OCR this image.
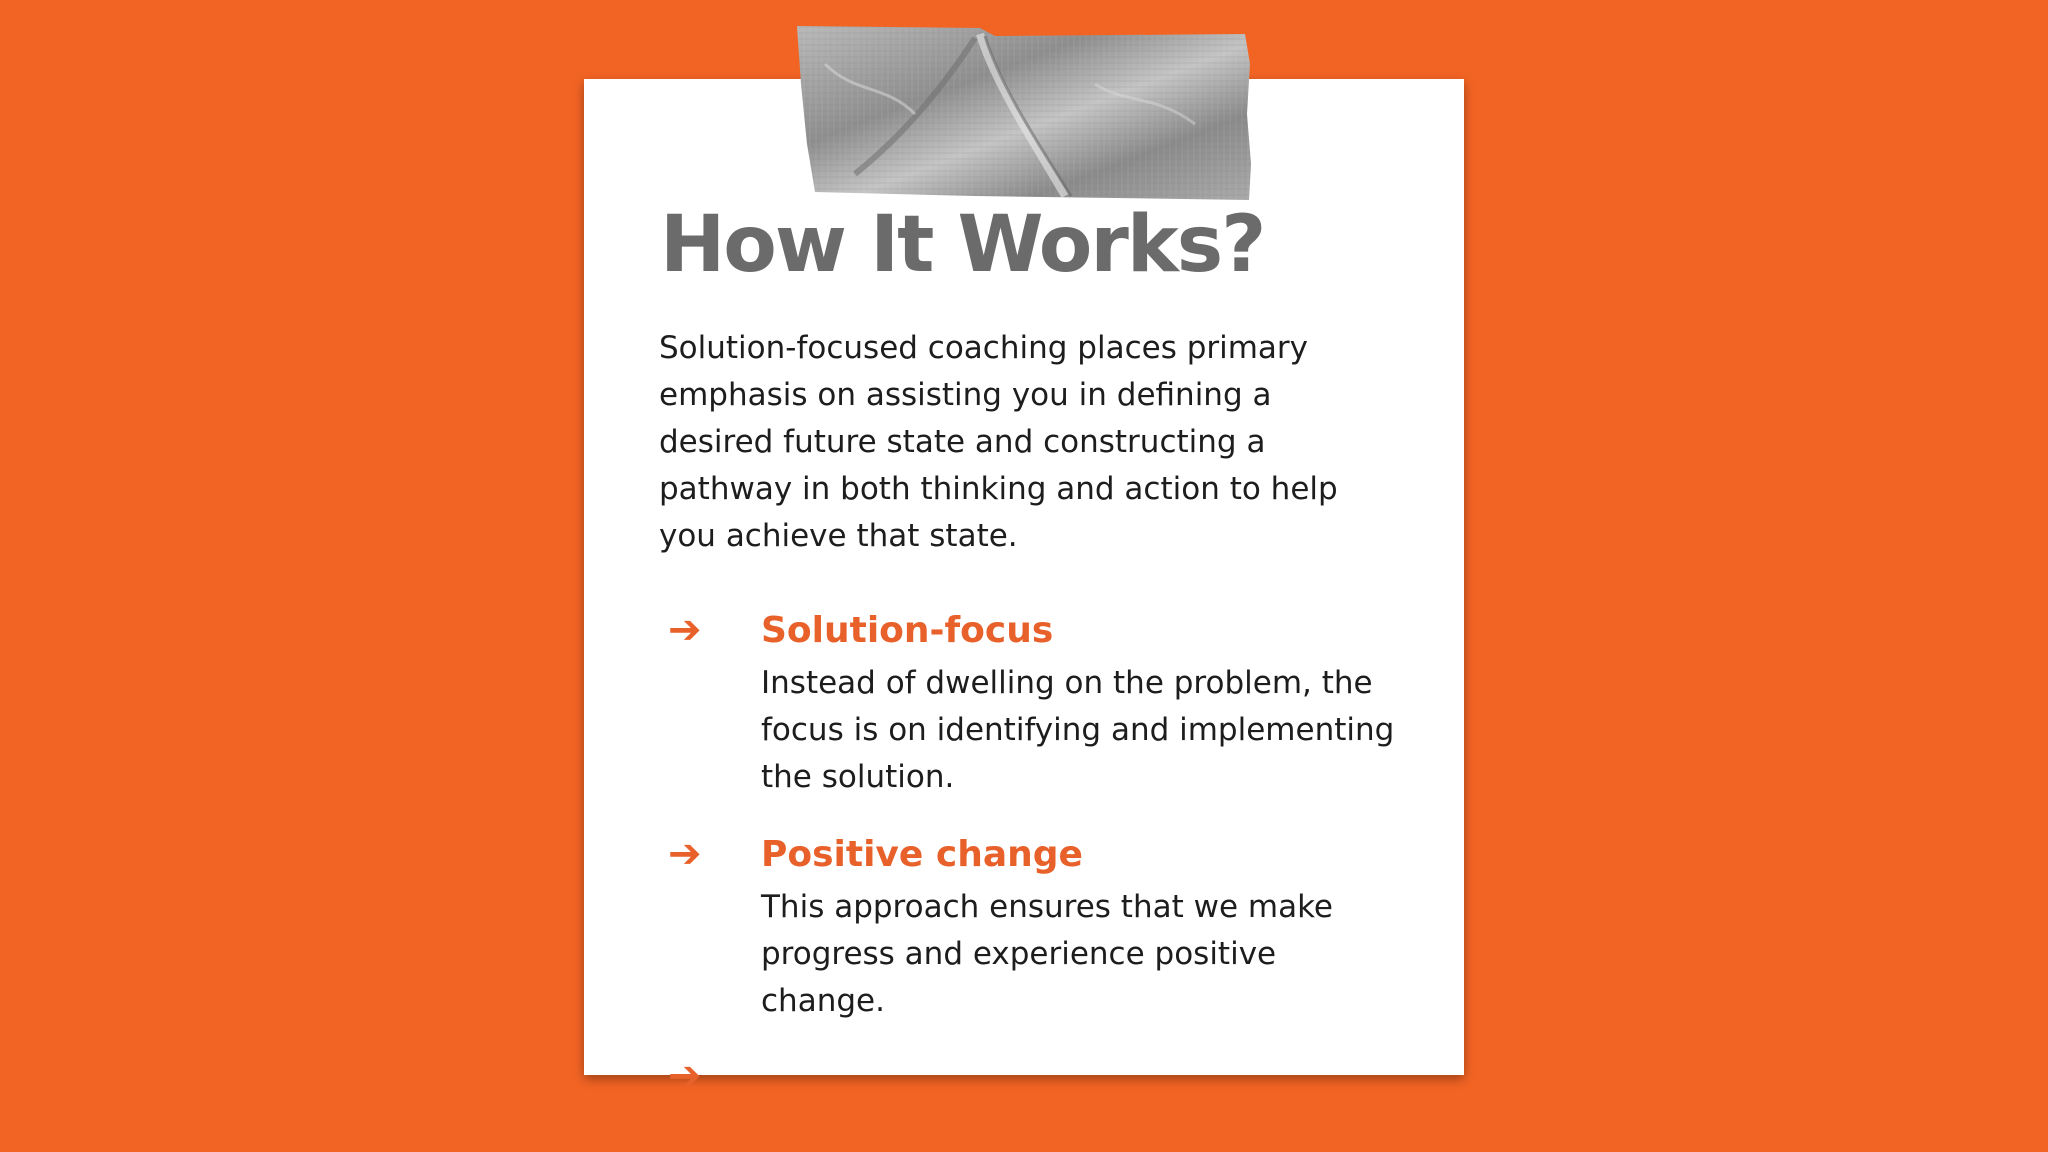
How It Works?

Solution-focused coaching places primary emphasis on assisting you in defining a desired future state and constructing a pathway in both thinking and action to help you achieve that state.

➔ Solution-focus

Instead of dwelling on the problem, the focus is on identifying and implementing the solution.

➔ Positive change

This approach ensures that we make progress and experience positive change.

➔
